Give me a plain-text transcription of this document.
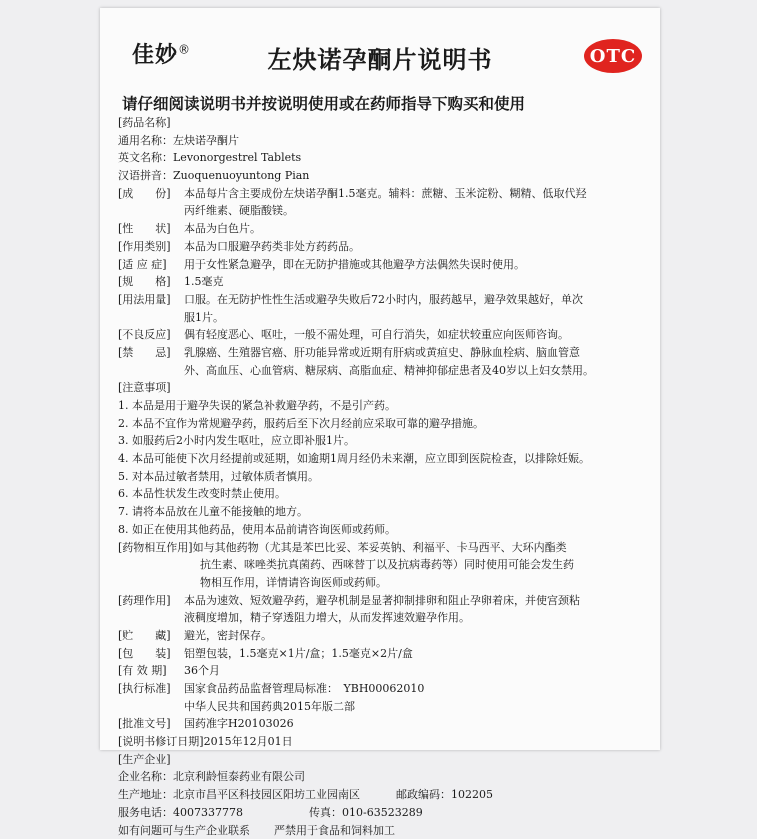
佳妙®	左炔诺孕酮片说明书	OTC
请仔细阅读说明书并按说明使用或在药师指导下购买和使用
[药品名称]
通用名称：左炔诺孕酮片
英文名称：Levonorgestrel Tablets
汉语拼音：Zuoquenuoyuntong Pian
[成　　份] 本品每片含主要成份左炔诺孕酮1.5毫克。辅料：蔗糖、玉米淀粉、糊精、低取代羟
丙纤维素、硬脂酸镁。
[性　　状] 本品为白色片。
[作用类别] 本品为口服避孕药类非处方药药品。
[适 应 症] 用于女性紧急避孕，即在无防护措施或其他避孕方法偶然失误时使用。
[规　　格] 1.5毫克
[用法用量] 口服。在无防护性性生活或避孕失败后72小时内，服药越早，避孕效果越好，单次
服1片。
[不良反应] 偶有轻度恶心、呕吐，一般不需处理，可自行消失，如症状较重应向医师咨询。
[禁　　忌] 乳腺癌、生殖器官癌、肝功能异常或近期有肝病或黄疸史、静脉血栓病、脑血管意
外、高血压、心血管病、糖尿病、高脂血症、精神抑郁症患者及40岁以上妇女禁用。
[注意事项]
1. 本品是用于避孕失误的紧急补救避孕药，不是引产药。
2. 本品不宜作为常规避孕药，服药后至下次月经前应采取可靠的避孕措施。
3. 如服药后2小时内发生呕吐，应立即补服1片。
4. 本品可能使下次月经提前或延期，如逾期1周月经仍未来潮，应立即到医院检查，以排除妊娠。
5. 对本品过敏者禁用，过敏体质者慎用。
6. 本品性状发生改变时禁止使用。
7. 请将本品放在儿童不能接触的地方。
8. 如正在使用其他药品，使用本品前请咨询医师或药师。
[药物相互作用]如与其他药物（尤其是苯巴比妥、苯妥英钠、利福平、卡马西平、大环内酯类
抗生素、咪唑类抗真菌药、西咪替丁以及抗病毒药等）同时使用可能会发生药
物相互作用，详情请咨询医师或药师。
[药理作用] 本品为速效、短效避孕药，避孕机制是显著抑制排卵和阻止孕卵着床，并使宫颈粘
液稠度增加，精子穿透阻力增大，从而发挥速效避孕作用。
[贮　　藏] 避光，密封保存。
[包　　装] 铝塑包装，1.5毫克×1片/盒；1.5毫克×2片/盒
[有 效 期] 36个月
[执行标准] 国家食品药品监督管理局标准：　YBH00062010
中华人民共和国药典2015年版二部
[批准文号] 国药准字H20103026
[说明书修订日期]2015年12月01日
[生产企业]
企业名称：北京利龄恒泰药业有限公司
生产地址：北京市昌平区科技园区阳坊工业园南区	邮政编码：102205
服务电话：4007337778	传真：010-63523289
如有问题可与生产企业联系 严禁用于食品和饲料加工
